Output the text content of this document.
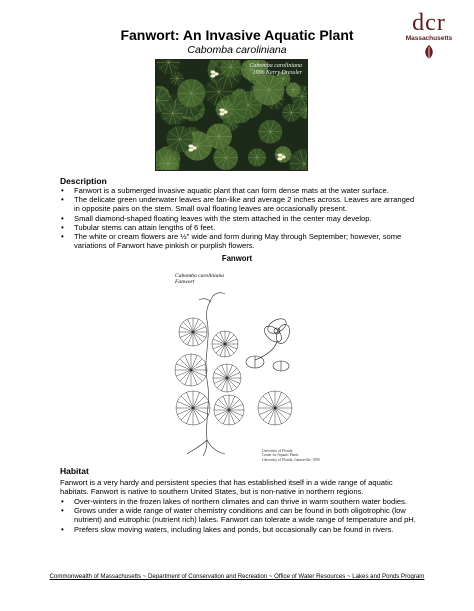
dcr
Massachusetts
Fanwort: An Invasive Aquatic Plant
Cabomba caroliniana
Cabomba caroliniana
1996 Kerry Dressler
Description
• Fanwort is a submerged invasive aquatic plant that can form dense mats at the water surface.
• The delicate green underwater leaves are fan-like and average 2 inches across. Leaves are arranged in opposite pairs on the stem. Small oval floating leaves are occasionally present.
• Small diamond-shaped floating leaves with the stem attached in the center may develop.
• Tubular stems can attain lengths of 6 feet.
• The white or cream flowers are ½" wide and form during May through September; however, some variations of Fanwort have pinkish or purplish flowers.
Fanwort
Cabomba caroliniana
Fanwort
University of Florida
Center for Aquatic Plants
University of Florida, Gainesville, 1990
Habitat
Fanwort is a very hardy and persistent species that has established itself in a wide range of aquatic habitats. Fanwort is native to southern United States, but is non-native in northern regions.
• Over-winters in the frozen lakes of northern climates and can thrive in warm southern water bodies.
• Grows under a wide range of water chemistry conditions and can be found in both oligotrophic (low nutrient) and eutrophic (nutrient rich) lakes. Fanwort can tolerate a wide range of temperature and pH.
• Prefers slow moving waters, including lakes and ponds, but occasionally can be found in rivers.
Commonwealth of Massachusetts ~ Department of Conservation and Recreation ~ Office of Water Resources ~ Lakes and Ponds Program
